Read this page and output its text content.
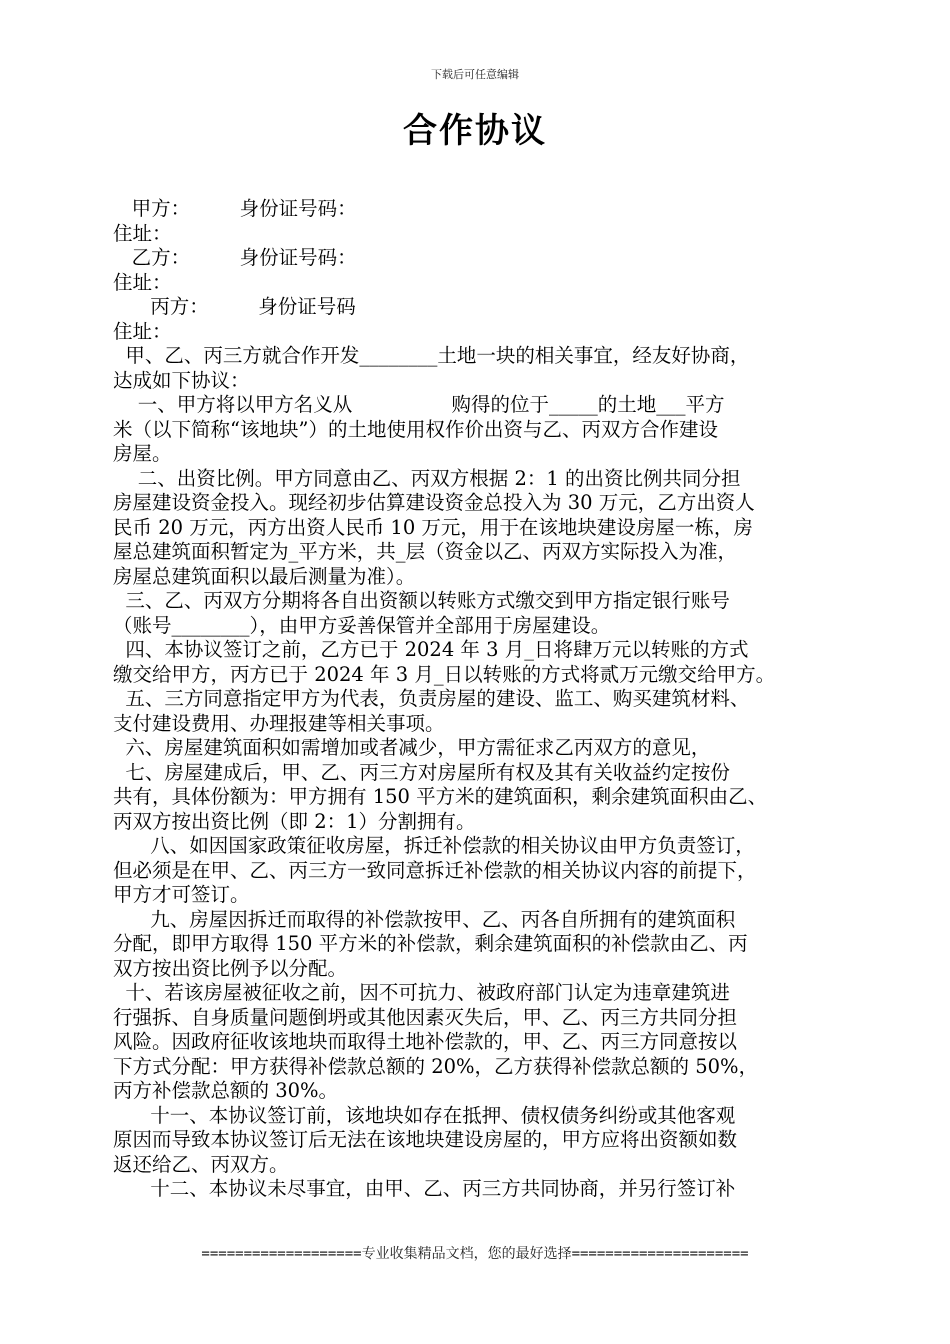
下载后可任意编辑
合作协议
甲方：        身份证号码：
住址：
乙方：        身份证号码：
住址：
丙方：        身份证号码
住址：
甲、乙、丙三方就合作开发________土地一块的相关事宜，经友好协商，
达成如下协议：
一、甲方将以甲方名义从                购得的位于_____的土地___平方
米（以下简称“该地块”）的土地使用权作价出资与乙、丙双方合作建设
房屋。
二、出资比例。甲方同意由乙、丙双方根据 2：1 的出资比例共同分担
房屋建设资金投入。现经初步估算建设资金总投入为 30 万元，乙方出资人
民币 20 万元，丙方出资人民币 10 万元，用于在该地块建设房屋一栋，房
屋总建筑面积暂定为_平方米，共_层（资金以乙、丙双方实际投入为准，
房屋总建筑面积以最后测量为准）。
三、乙、丙双方分期将各自出资额以转账方式缴交到甲方指定银行账号
（账号________），由甲方妥善保管并全部用于房屋建设。
四、本协议签订之前，乙方已于 2024 年 3 月_日将肆万元以转账的方式
缴交给甲方，丙方已于 2024 年 3 月_日以转账的方式将贰万元缴交给甲方。
五、三方同意指定甲方为代表，负责房屋的建设、监工、购买建筑材料、
支付建设费用、办理报建等相关事项。
六、房屋建筑面积如需增加或者减少，甲方需征求乙丙双方的意见，
七、房屋建成后，甲、乙、丙三方对房屋所有权及其有关收益约定按份
共有，具体份额为：甲方拥有 150 平方米的建筑面积，剩余建筑面积由乙、
丙双方按出资比例（即 2：1）分割拥有。
八、如因国家政策征收房屋，拆迁补偿款的相关协议由甲方负责签订，
但必须是在甲、乙、丙三方一致同意拆迁补偿款的相关协议内容的前提下，
甲方才可签订。
九、房屋因拆迁而取得的补偿款按甲、乙、丙各自所拥有的建筑面积
分配，即甲方取得 150 平方米的补偿款，剩余建筑面积的补偿款由乙、丙
双方按出资比例予以分配。
十、若该房屋被征收之前，因不可抗力、被政府部门认定为违章建筑进
行强拆、自身质量问题倒坍或其他因素灭失后，甲、乙、丙三方共同分担
风险。因政府征收该地块而取得土地补偿款的，甲、乙、丙三方同意按以
下方式分配：甲方获得补偿款总额的 20%，乙方获得补偿款总额的 50%，
丙方补偿款总额的 30%。
十一、本协议签订前，该地块如存在抵押、债权债务纠纷或其他客观
原因而导致本协议签订后无法在该地块建设房屋的，甲方应将出资额如数
返还给乙、丙双方。
十二、本协议未尽事宜，由甲、乙、丙三方共同协商，并另行签订补
===================专业收集精品文档，您的最好选择=====================
